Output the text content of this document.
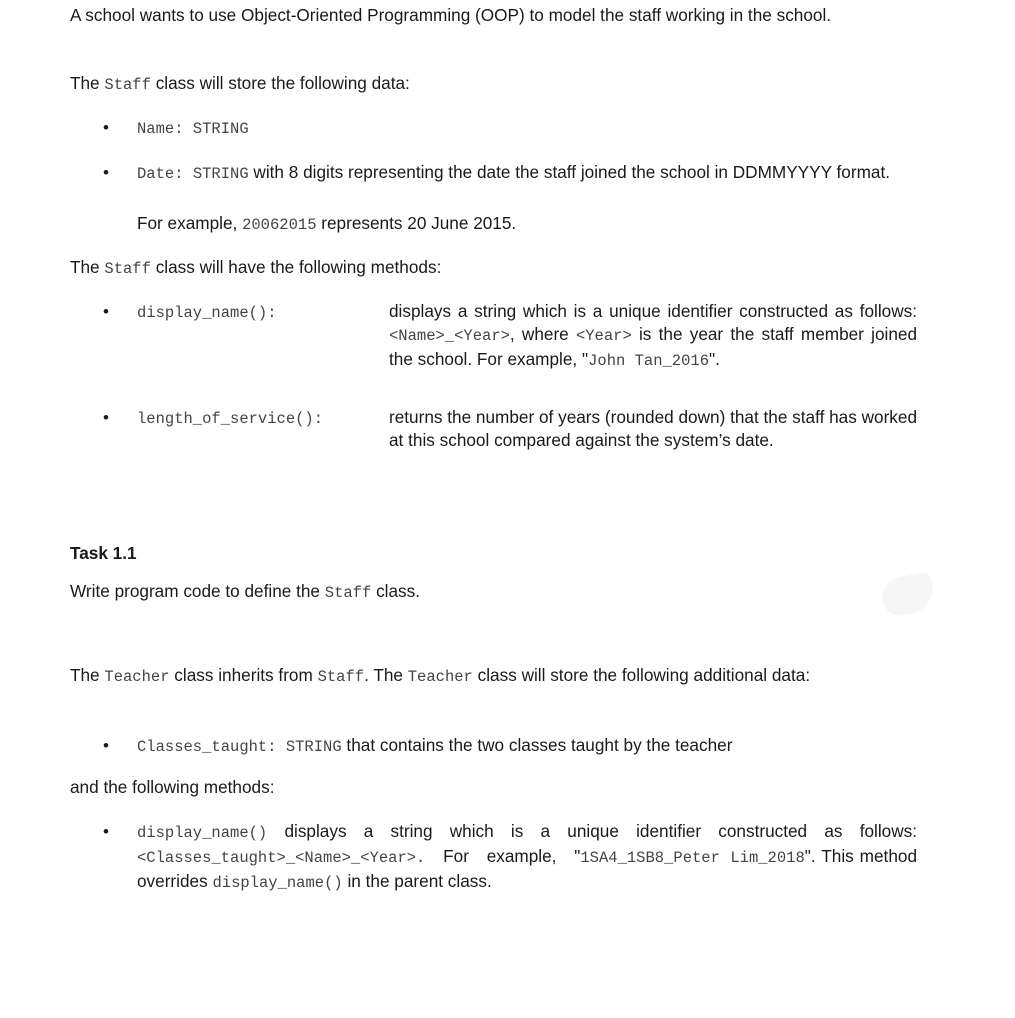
A school wants to use Object-Oriented Programming (OOP) to model the staff working in the school.

The Staff class will store the following data:

• Name: STRING

• Date: STRING with 8 digits representing the date the staff joined the school in DDMMYYYY format.

For example, 20062015 represents 20 June 2015.

The Staff class will have the following methods:

• display_name():	displays a string which is a unique identifier constructed as follows: <Name>_<Year>, where <Year> is the year the staff member joined the school. For example, "John Tan_2016".
• length_of_service():	returns the number of years (rounded down) that the staff has worked at this school compared against the system’s date.

Task 1.1

Write program code to define the Staff class.

The Teacher class inherits from Staff. The Teacher class will store the following additional data:
• Classes_taught: STRING that contains the two classes taught by the teacher

and the following methods:

• display_name() displays a string which is a unique identifier constructed as follows: <Classes_taught>_<Name>_<Year>.   For   example,   "1SA4_1SB8_Peter Lim_2018". This method overrides display_name() in the parent class.
